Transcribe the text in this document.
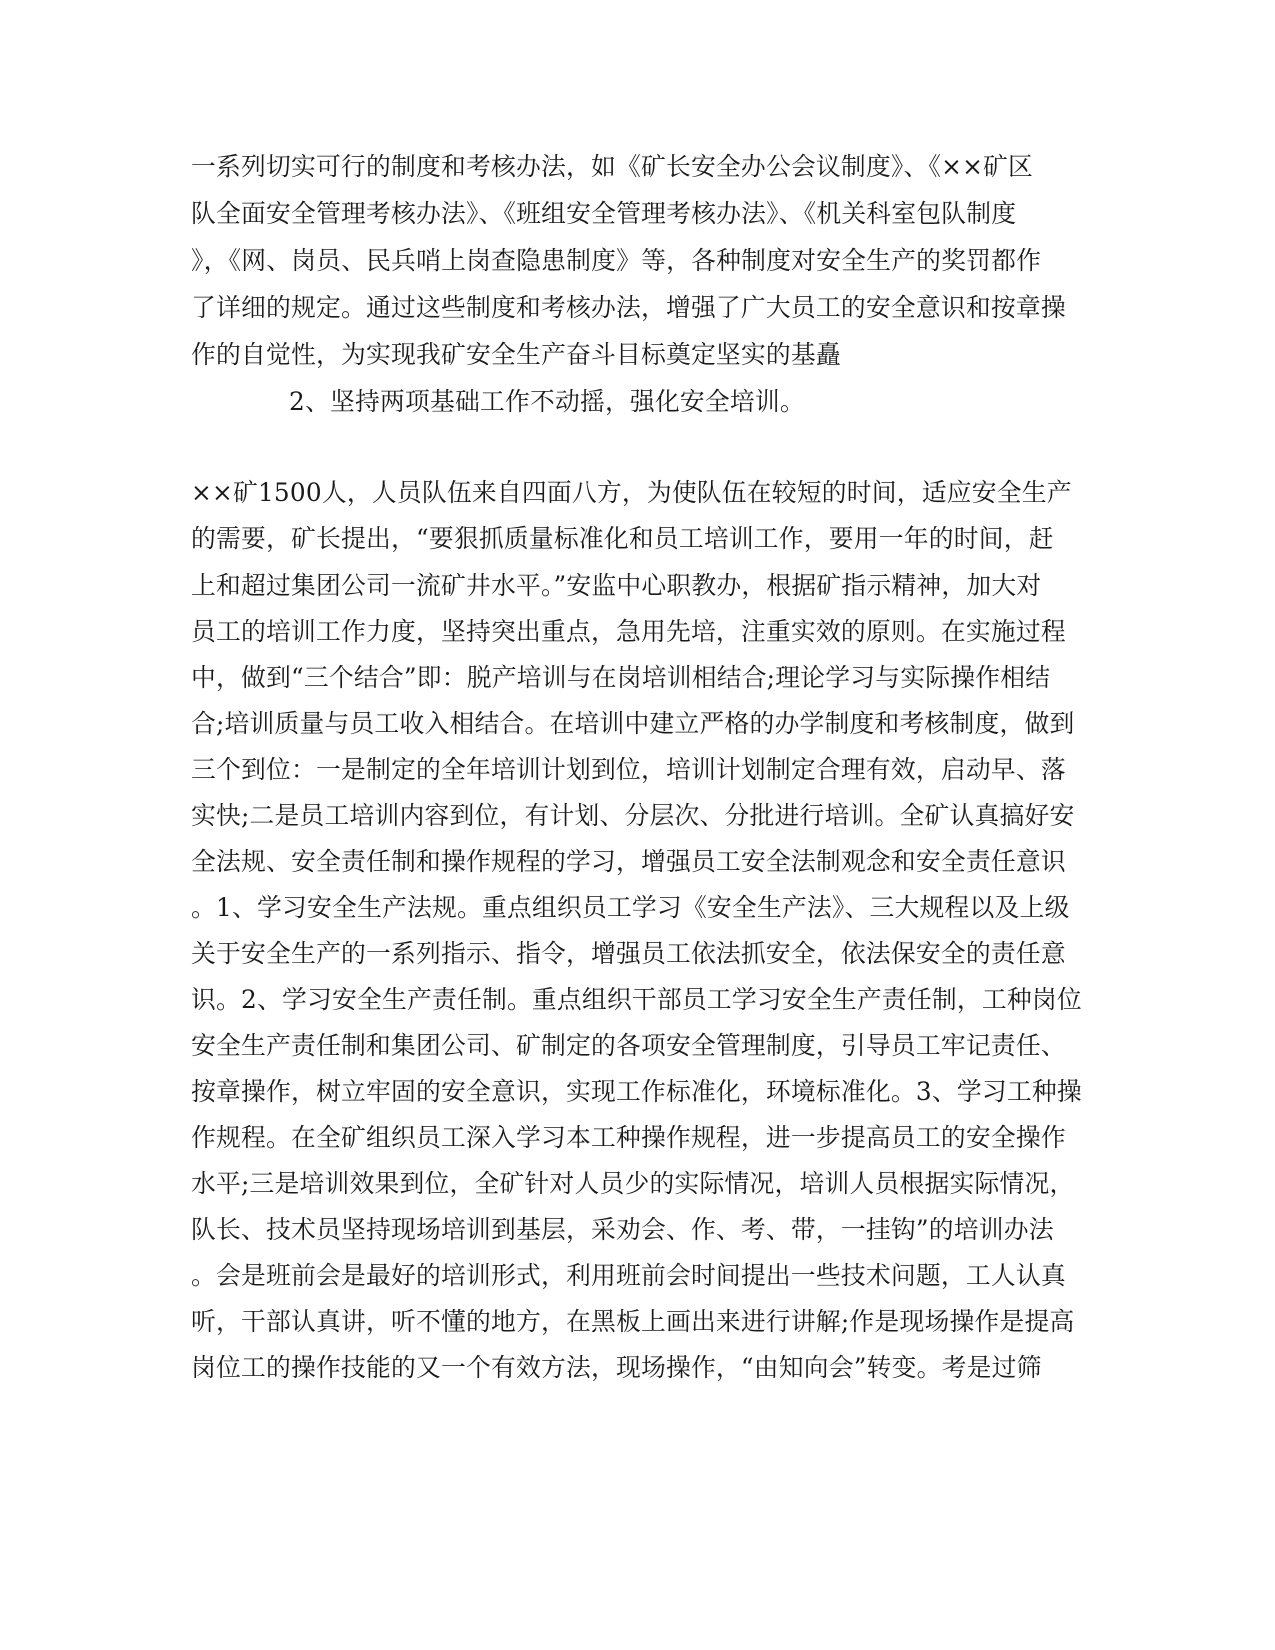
一系列切实可行的制度和考核办法，如《矿长安全办公会议制度》、《××矿区
队全面安全管理考核办法》、《班组安全管理考核办法》、《机关科室包队制度
》，《网、岗员、民兵哨上岗查隐患制度》等，各种制度对安全生产的奖罚都作
了详细的规定。通过这些制度和考核办法，增强了广大员工的安全意识和按章操
作的自觉性，为实现我矿安全生产奋斗目标奠定坚实的基矗
2、坚持两项基础工作不动摇，强化安全培训。
××矿1500人，人员队伍来自四面八方，为使队伍在较短的时间，适应安全生产
的需要，矿长提出，“要狠抓质量标准化和员工培训工作，要用一年的时间，赶
上和超过集团公司一流矿井水平。”安监中心职教办，根据矿指示精神，加大对
员工的培训工作力度，坚持突出重点，急用先培，注重实效的原则。在实施过程
中，做到“三个结合”即：脱产培训与在岗培训相结合;理论学习与实际操作相结
合;培训质量与员工收入相结合。在培训中建立严格的办学制度和考核制度，做到
三个到位：一是制定的全年培训计划到位，培训计划制定合理有效，启动早、落
实快;二是员工培训内容到位，有计划、分层次、分批进行培训。全矿认真搞好安
全法规、安全责任制和操作规程的学习，增强员工安全法制观念和安全责任意识
。1、学习安全生产法规。重点组织员工学习《安全生产法》、三大规程以及上级
关于安全生产的一系列指示、指令，增强员工依法抓安全，依法保安全的责任意
识。2、学习安全生产责任制。重点组织干部员工学习安全生产责任制，工种岗位
安全生产责任制和集团公司、矿制定的各项安全管理制度，引导员工牢记责任、
按章操作，树立牢固的安全意识，实现工作标准化，环境标准化。3、学习工种操
作规程。在全矿组织员工深入学习本工种操作规程，进一步提高员工的安全操作
水平;三是培训效果到位，全矿针对人员少的实际情况，培训人员根据实际情况，
队长、技术员坚持现场培训到基层，采劝会、作、考、带，一挂钩”的培训办法
。会是班前会是最好的培训形式，利用班前会时间提出一些技术问题，工人认真
听，干部认真讲，听不懂的地方，在黑板上画出来进行讲解;作是现场操作是提高
岗位工的操作技能的又一个有效方法，现场操作，“由知向会”转变。考是过筛
